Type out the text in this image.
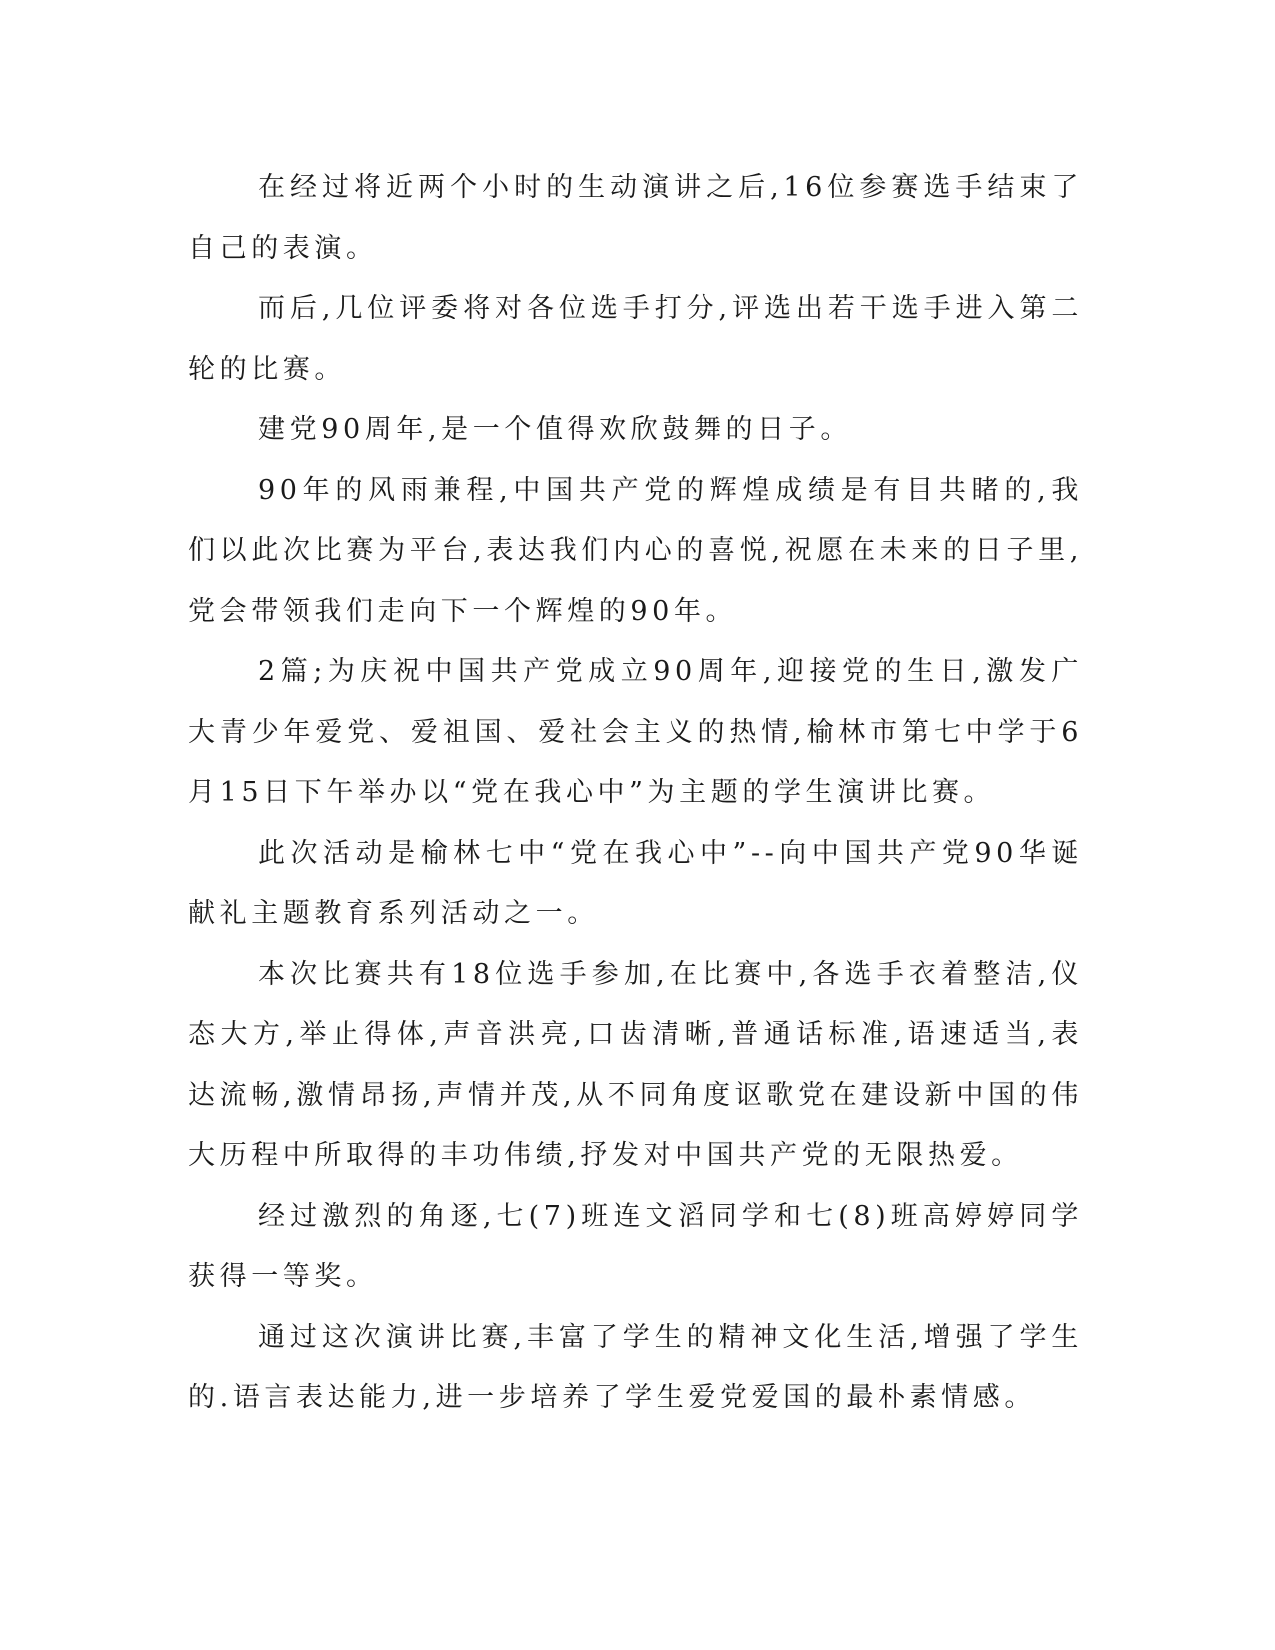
在经过将近两个小时的生动演讲之后,16位参赛选手结束了自己的表演。

而后,几位评委将对各位选手打分,评选出若干选手进入第二轮的比赛。

建党90周年,是一个值得欢欣鼓舞的日子。

90年的风雨兼程,中国共产党的辉煌成绩是有目共睹的,我们以此次比赛为平台,表达我们内心的喜悦,祝愿在未来的日子里,党会带领我们走向下一个辉煌的90年。

2篇;为庆祝中国共产党成立90周年,迎接党的生日,激发广大青少年爱党、爱祖国、爱社会主义的热情,榆林市第七中学于6月15日下午举办以“党在我心中”为主题的学生演讲比赛。

此次活动是榆林七中“党在我心中”--向中国共产党90华诞献礼主题教育系列活动之一。

本次比赛共有18位选手参加,在比赛中,各选手衣着整洁,仪态大方,举止得体,声音洪亮,口齿清晰,普通话标准,语速适当,表达流畅,激情昂扬,声情并茂,从不同角度讴歌党在建设新中国的伟大历程中所取得的丰功伟绩,抒发对中国共产党的无限热爱。

经过激烈的角逐,七(7)班连文滔同学和七(8)班高婷婷同学获得一等奖。

通过这次演讲比赛,丰富了学生的精神文化生活,增强了学生的.语言表达能力,进一步培养了学生爱党爱国的最朴素情感。
